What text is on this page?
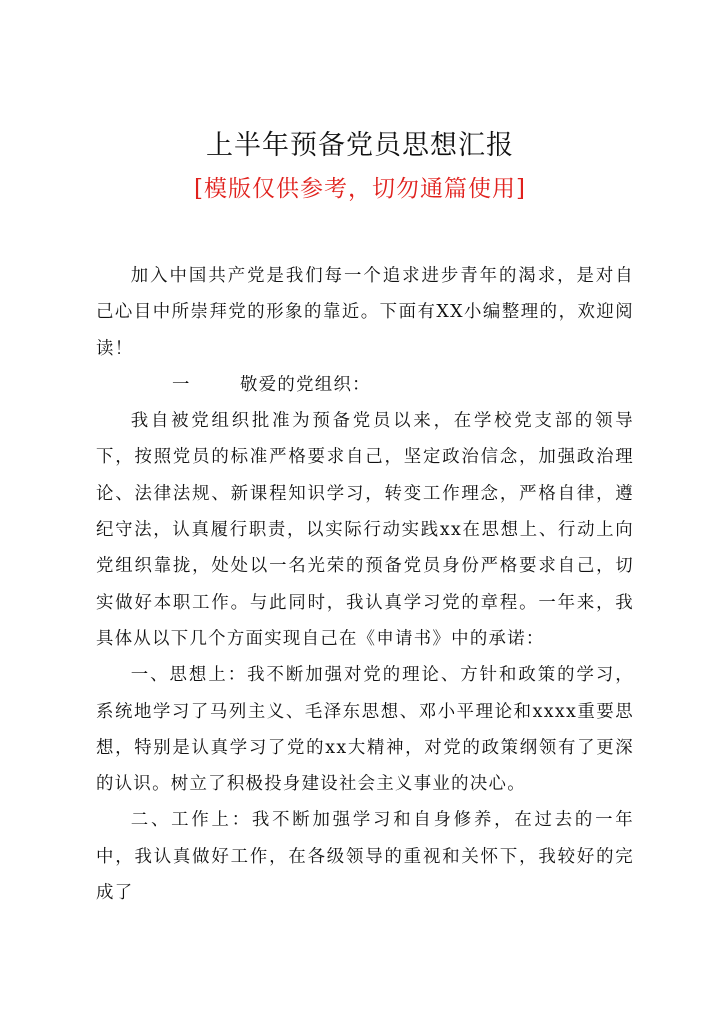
上半年预备党员思想汇报
[模版仅供参考，切勿通篇使用]

加入中国共产党是我们每一个追求进步青年的渴求，是对自己心目中所崇拜党的形象的靠近。下面有XX小编整理的，欢迎阅读！

一	敬爱的党组织：

我自被党组织批准为预备党员以来，在学校党支部的领导下，按照党员的标准严格要求自己，坚定政治信念，加强政治理论、法律法规、新课程知识学习，转变工作理念，严格自律，遵纪守法，认真履行职责，以实际行动实践xx在思想上、行动上向党组织靠拢，处处以一名光荣的预备党员身份严格要求自己，切实做好本职工作。与此同时，我认真学习党的章程。一年来，我具体从以下几个方面实现自己在《申请书》中的承诺：

一、思想上：我不断加强对党的理论、方针和政策的学习，系统地学习了马列主义、毛泽东思想、邓小平理论和xxxx重要思想，特别是认真学习了党的xx大精神，对党的政策纲领有了更深的认识。树立了积极投身建设社会主义事业的决心。

二、工作上：我不断加强学习和自身修养，在过去的一年中，我认真做好工作，在各级领导的重视和关怀下，我较好的完成了
